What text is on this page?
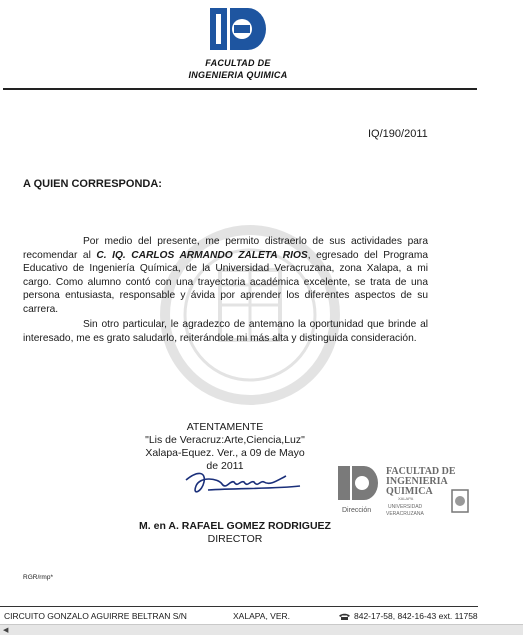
FACULTAD DE
INGENIERIA QUIMICA
IQ/190/2011
A QUIEN CORRESPONDA:
Por medio del presente, me permito distraerlo de sus actividades para recomendar al C. IQ. CARLOS ARMANDO ZALETA RIOS, egresado del Programa Educativo de Ingeniería Química, de la Universidad Veracruzana, zona Xalapa, a mi cargo. Como alumno contó con una trayectoria académica excelente, se trata de una persona entusiasta, responsable y ávida por aprender los diferentes aspectos de su carrera.
Sin otro particular, le agradezco de antemano la oportunidad que brinde al interesado, me es grato saludarlo, reiterándole mi más alta y distinguida consideración.
ATENTAMENTE
"Lis de Veracruz:Arte,Ciencia,Luz"
Xalapa-Equez. Ver., a 09 de Mayo de 2011	FACULTAD DE
INGENIERIA
QUIMICA
XALAPA
Dirección	UNIVERSIDAD
VERACRUZANA
M. en A. RAFAEL GOMEZ RODRIGUEZ
DIRECTOR
RGR/rmp*
CIRCUITO GONZALO AGUIRRE BELTRAN S/N	XALAPA, VER.	842-17-58, 842-16-43 ext. 11758
◀
